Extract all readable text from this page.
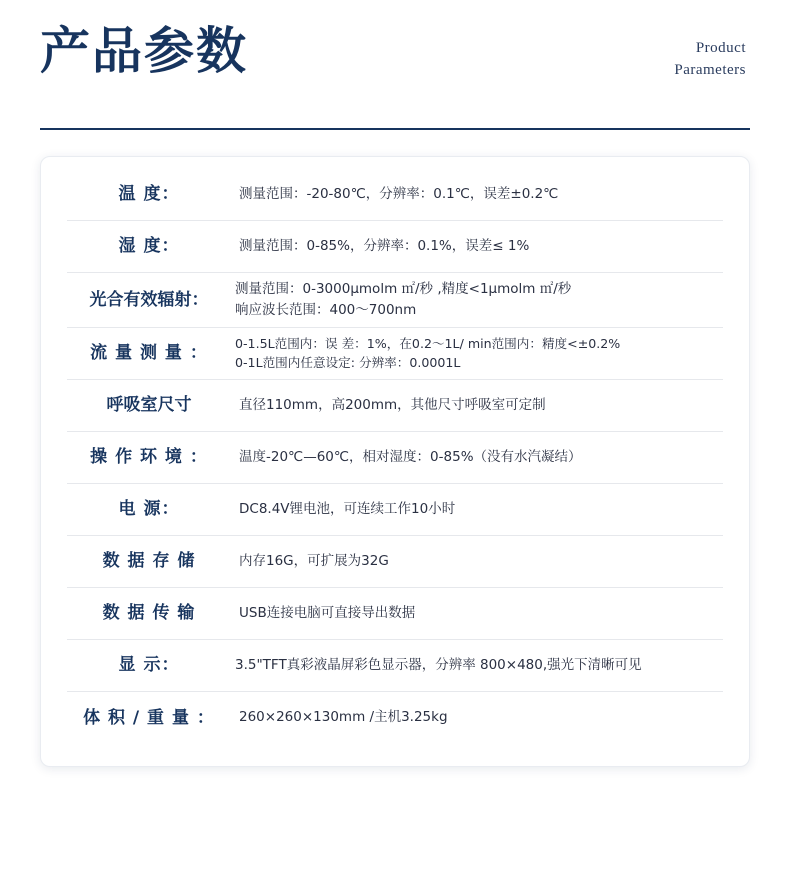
产品参数	Product
Parameters
温 度：	测量范围：-20-80℃，分辨率：0.1℃，误差±0.2℃
湿 度：	测量范围：0-85%，分辨率：0.1%，误差≤ 1%
光合有效辐射：
测量范围：0-3000μmolm ㎡/秒 ,精度<1μmolm ㎡/秒
响应波长范围：400～700nm
流 量 测 量 ：	0-1.5L范围内：误 差：1%，在0.2～1L/ min范围内：精度<±0.2%
0-1L范围内任意设定: 分辨率：0.0001L
呼吸室尺寸	直径110mm，高200mm，其他尺寸呼吸室可定制
操 作 环 境 ：	温度-20℃—60℃，相对湿度：0-85%（没有水汽凝结）
电 源：	DC8.4V锂电池，可连续工作10小时
数 据 存 储	内存16G，可扩展为32G
数 据 传 输	USB连接电脑可直接导出数据
显 示：	3.5"TFT真彩液晶屏彩色显示器，分辨率 800×480,强光下清晰可见
体 积 / 重 量 ：	260×260×130mm /主机3.25kg
